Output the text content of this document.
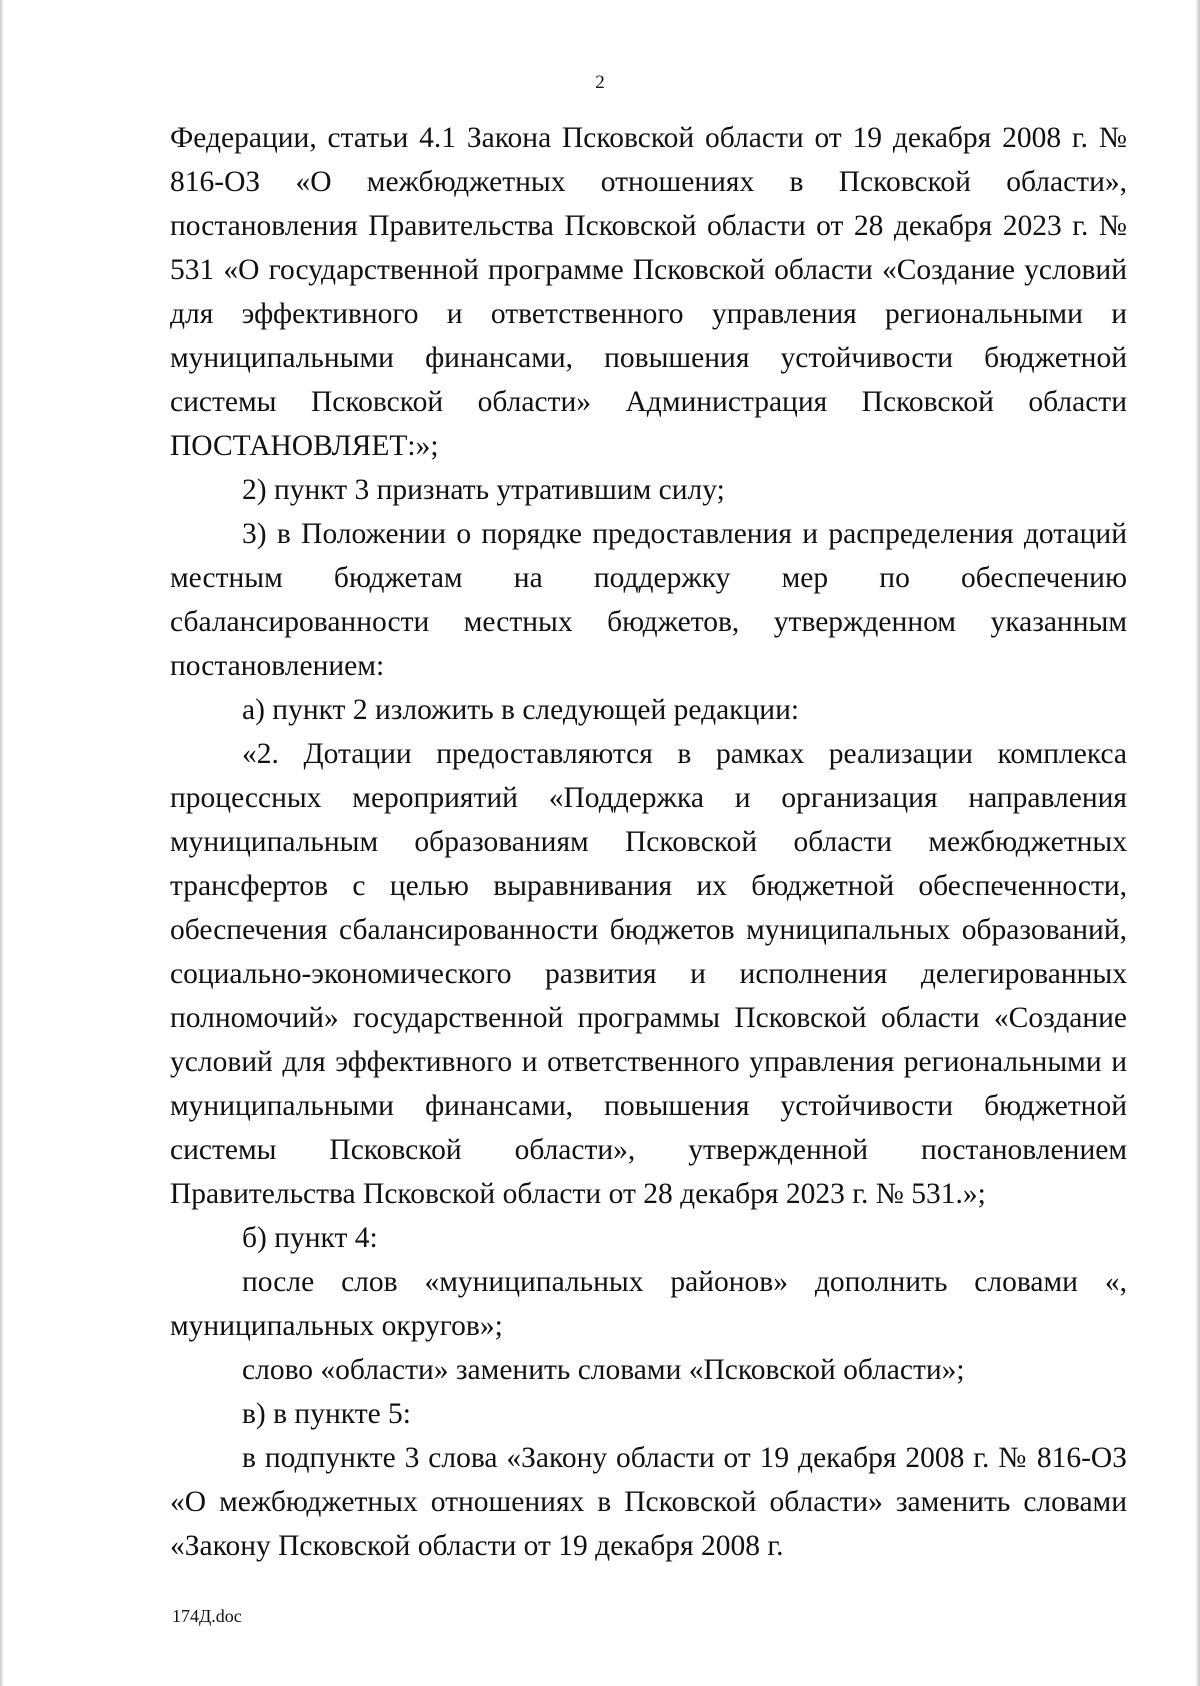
2

Федерации, статьи 4.1 Закона Псковской области от 19 декабря 2008 г. № 816-ОЗ «О межбюджетных отношениях в Псковской области», постановления Правительства Псковской области от 28 декабря 2023 г. № 531 «О государственной программе Псковской области «Создание условий для эффективного и ответственного управления региональными и муниципальными финансами, повышения устойчивости бюджетной системы Псковской области» Администрация Псковской области ПОСТАНОВЛЯЕТ:»;

2) пункт 3 признать утратившим силу;

3) в Положении о порядке предоставления и распределения дотаций местным бюджетам на поддержку мер по обеспечению сбалансированности местных бюджетов, утвержденном указанным постановлением:

а) пункт 2 изложить в следующей редакции:

«2. Дотации предоставляются в рамках реализации комплекса процессных мероприятий «Поддержка и организация направления муниципальным образованиям Псковской области межбюджетных трансфертов с целью выравнивания их бюджетной обеспеченности, обеспечения сбалансированности бюджетов муниципальных образований, социально-экономического развития и исполнения делегированных полномочий» государственной программы Псковской области «Создание условий для эффективного и ответственного управления региональными и муниципальными финансами, повышения устойчивости бюджетной системы Псковской области», утвержденной постановлением Правительства Псковской области от 28 декабря 2023 г. № 531.»;

б) пункт 4:

после слов «муниципальных районов» дополнить словами «, муниципальных округов»;

слово «области» заменить словами «Псковской области»;

в) в пункте 5:

в подпункте 3 слова «Закону области от 19 декабря 2008 г. № 816-ОЗ «О межбюджетных отношениях в Псковской области» заменить словами «Закону Псковской области от 19 декабря 2008 г.

174Д.doc
